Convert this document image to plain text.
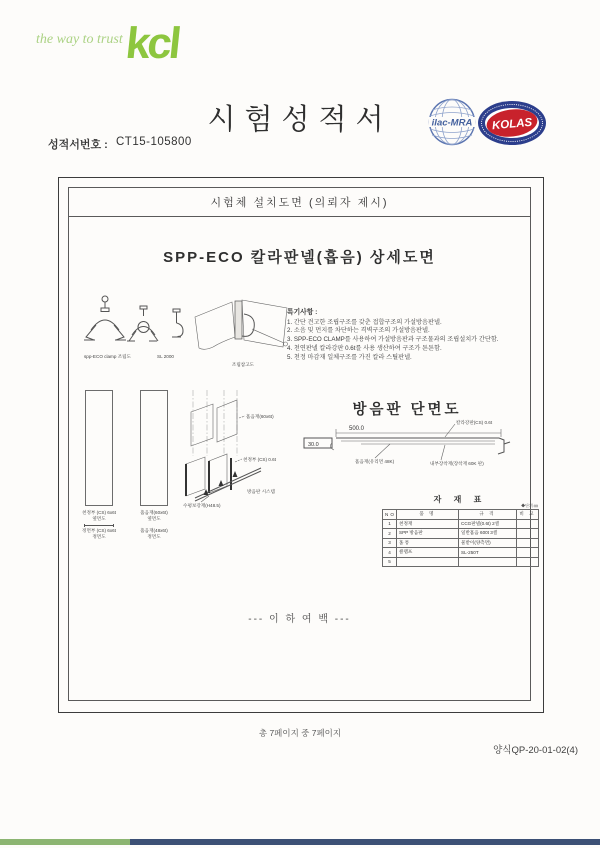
the way to trust kcl
시험성적서
성적서번호 : CT15-105800
ilac-MRA KOLAS
시험체 설치도면 (의뢰자 제시)
SPP-ECO 칼라판넬(흡음) 상세도면
spp-ECO clamp 조립도	SL 2000
조립참고도
특기사항 :
1. 간단 견고한 조립구조를 갖춘 접합구조의 가설방음판넬.
2. 소음 및 먼지를 차단하는 격벽구조의 가설방음판넬.
3. SPP-ECO CLAMP를 사용하여 가설방음판과 구조물과의 조립설치가 간단함.
4. 천연판넬 칼라강판 0.6t를 사용 생산하여 구조가 튼튼함.
5. 천정 마감재 일체구조를 가진 칼라 스틸판넬.
천정부 (CS) 6x6t
옆면도
정면부 (CS) 6x6t
정면도
흡음재(60x6t)
옆면도
흡음재(48x6t)
정면도
흡음재(60x6t)
천정부 (CS) 0.6t
수평보강재(H48.5)
방음판 시스템
방음판 단면도
500.0
30.0
칼라강판(CS) 0.6t
흡음재(유리면 48K)	내부장착재(장착재 60K 판)
자 재 표
◆단위:㎜
NO	품 명	규 격	비 고
1	천정재	CCG판넬(0.6t) 2셀	
2	SPP 방음판	일반흡음 600t 3셀	
3	홈 통	물받이(양측면)	
4	클램프	SL-250T	
5			
--- 이 하 여 백 ---
총 7페이지 중 7페이지
양식QP-20-01-02(4)
